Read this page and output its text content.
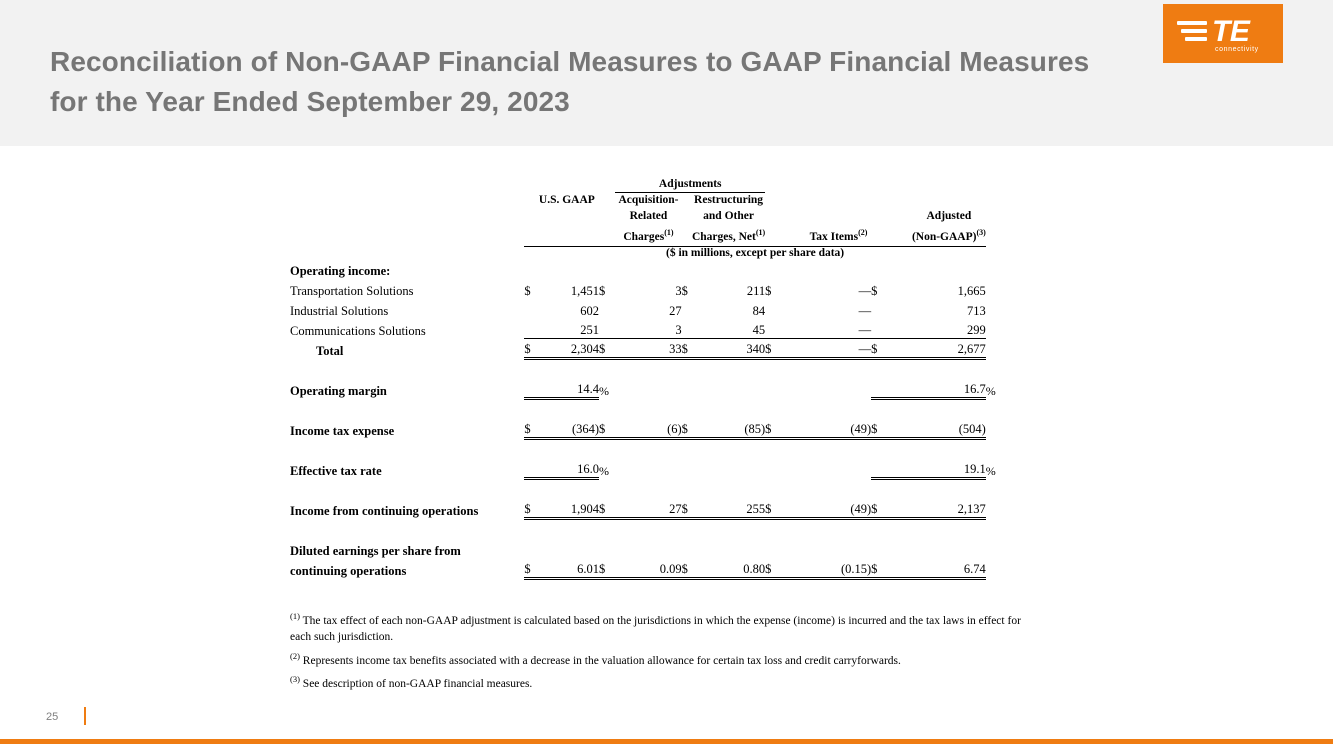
Reconciliation of Non-GAAP Financial Measures to GAAP Financial Measures for the Year Ended September 29, 2023
TE
connectivity

				Adjustments								

		U.S. GAAP		Acquisition-		Restructuring						

				Related		and Other				Adjusted		

				Charges$^{(1)}$		Charges, Net$^{(1)}$		Tax Items$^{(2)}$		(Non-GAAP)$^{(3)}$

	($ in millions, except per share data)											
Operating income:												
Transportation Solutions	$	1,451	$	3	$	211	$	—	$	1,665		
Industrial Solutions		602		27		84		—		713		
Communications Solutions		251		3		45		—		299		
Total	$	2,304	$	33	$	340	$	—	$	2,677		

Operating margin		14.4	%							16.7	%	

Income tax expense	$	(364)	$	(6)	$	(85)	$	(49)	$	(504)		

Effective tax rate		16.0	%							19.1	%	

Income from continuing operations	$	1,904	$	27	$	255	$	(49)	$	2,137		

Diluted earnings per share from												
continuing operations	$	6.01	$	0.09	$	0.80	$	(0.15)	$	6.74		

$^{(1)}$ The tax effect of each non-GAAP adjustment is calculated based on the jurisdictions in which the expense (income) is incurred and the tax laws in effect for each such jurisdiction.

$^{(2)}$ Represents income tax benefits associated with a decrease in the valuation allowance for certain tax loss and credit carryforwards.

$^{(3)}$ See description of non-GAAP financial measures.

25
